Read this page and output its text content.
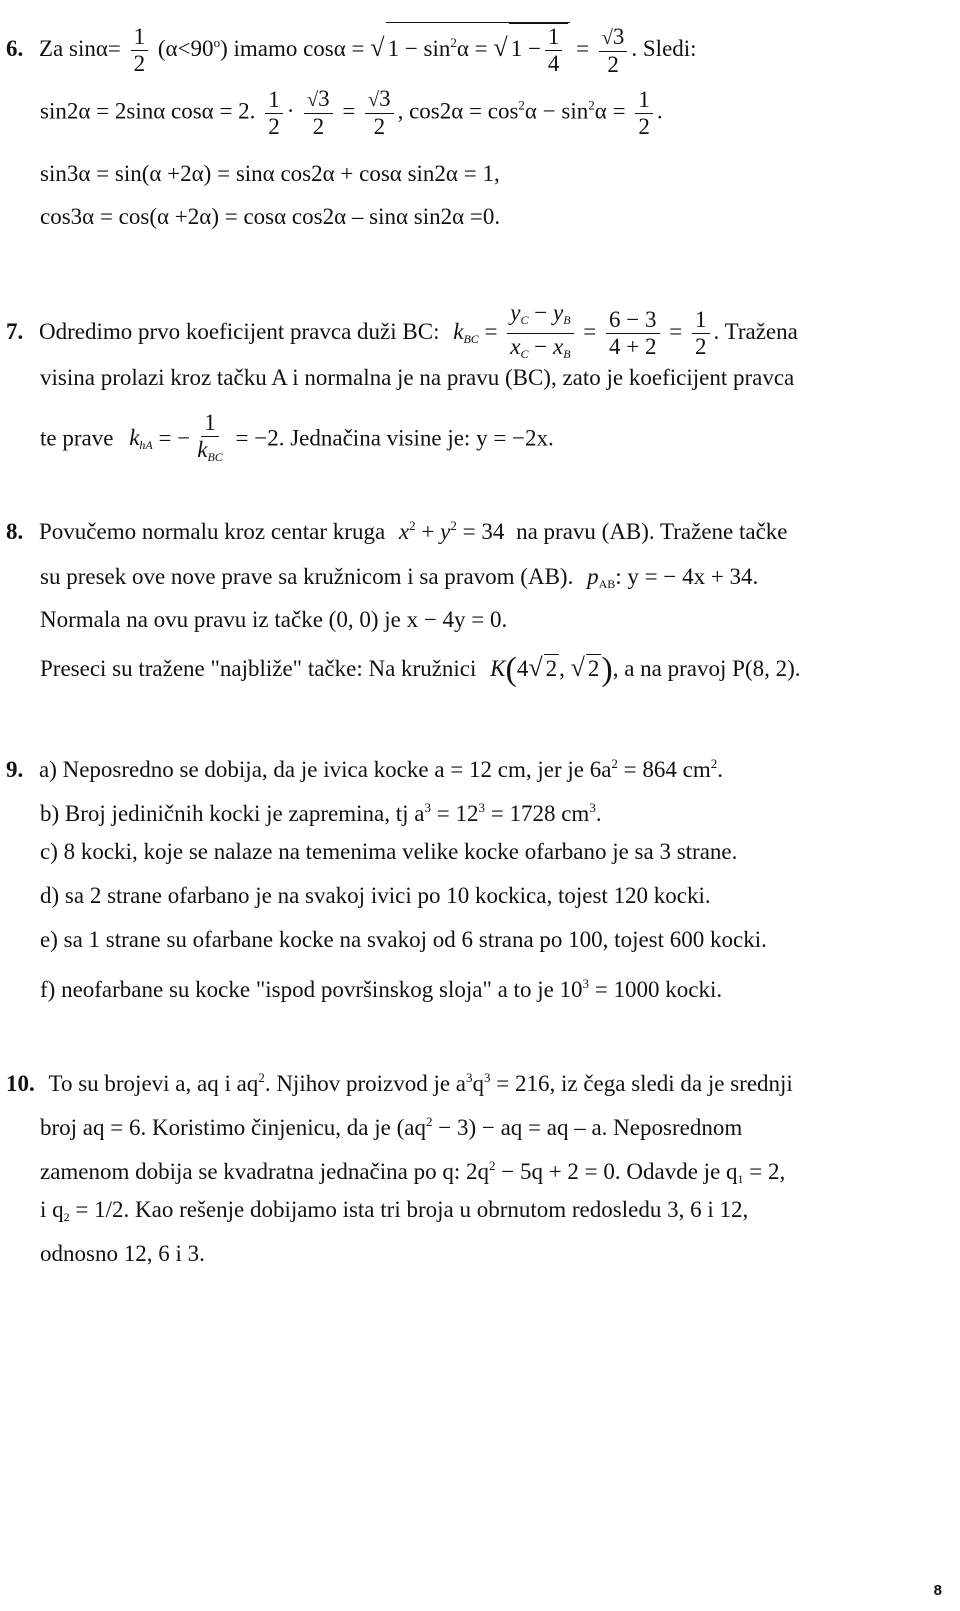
6. Za $\sin\alpha= \frac{1}{2} (\alpha<90^o)$ imamo cosα = √ $1 - \sin^2\alpha$ = √ $1 - \frac{1}{4} = \frac{√3}{2}$ . Sledi:
sin2α = 2sinα cosα = 2. $\frac{1}{2} \cdot \frac{√3}{2} = \frac{√3}{2}$ , $\cos 2\alpha = \cos^2\alpha - \sin^2\alpha = \frac{1}{2}$ .
sin3α = sin(α +2α) = sinα cos2α + cosα sin2α = 1,
cos3α = cos(α +2α) = cosα cos2α – sinα sin2α =0.
7. Odredimo prvo koeficijent pravca duži BC: $k_{BC} = \frac{y_C - y_B}{x_C - x_B} = \frac{6 - 3}{4 + 2} = \frac{1}{2}$ . Tražena
visina prolazi kroz tačku A i normalna je na pravu (BC), zato je koeficijent pravca
te prave $k_{hA}$ = − $\frac{1}{k_{BC}} = -2$. Jednačina visine je: y = −2x.
8. Povučemo normalu kroz centar kruga $x^2 + y^2 = 34$ na pravu (AB). Tražene tačke
su presek ove nove prave sa kružnicom i sa pravom (AB). $p_{AB}$: y = − 4x + 34.
Normala na ovu pravu iz tačke (0, 0) je x − 4y = 0.
Preseci su tražene "najbliže" tačke: Na kružnici K(4√ 2, √ 2), a na pravoj P(8, 2).
9. a) Neposredno se dobija, da je ivica kocke a = 12 cm, jer je $6a^2 = 864$ $cm^2$.
b) Broj jediničnih kocki je zapremina, tj $a^3 = 12^3 = 1728$ $cm^3$.
c) 8 kocki, koje se nalaze na temenima velike kocke ofarbano je sa 3 strane.
d) sa 2 strane ofarbano je na svakoj ivici po 10 kockica, tojest 120 kocki.
e) sa 1 strane su ofarbane kocke na svakoj od 6 strana po 100, tojest 600 kocki.
f) neofarbane su kocke "ispod površinskog sloja" a to je $10^3 = 1000$ kocki.
10. To su brojevi a, aq i $aq^2$. Njihov proizvod je $a^3q^3 = 216$, iz čega sledi da je srednji
broj aq = 6. Koristimo činjenicu, da je $(aq^2 - 3)$ − aq = aq – a. Neposrednom
zamenom dobija se kvadratna jednačina po q: $2q^2 - 5q + 2 = 0$. Odavde je $q_1 = 2$,
i $q_2 = 1/2$. Kao rešenje dobijamo ista tri broja u obrnutom redosledu 3, 6 i 12,
odnosno 12, 6 i 3.
8
